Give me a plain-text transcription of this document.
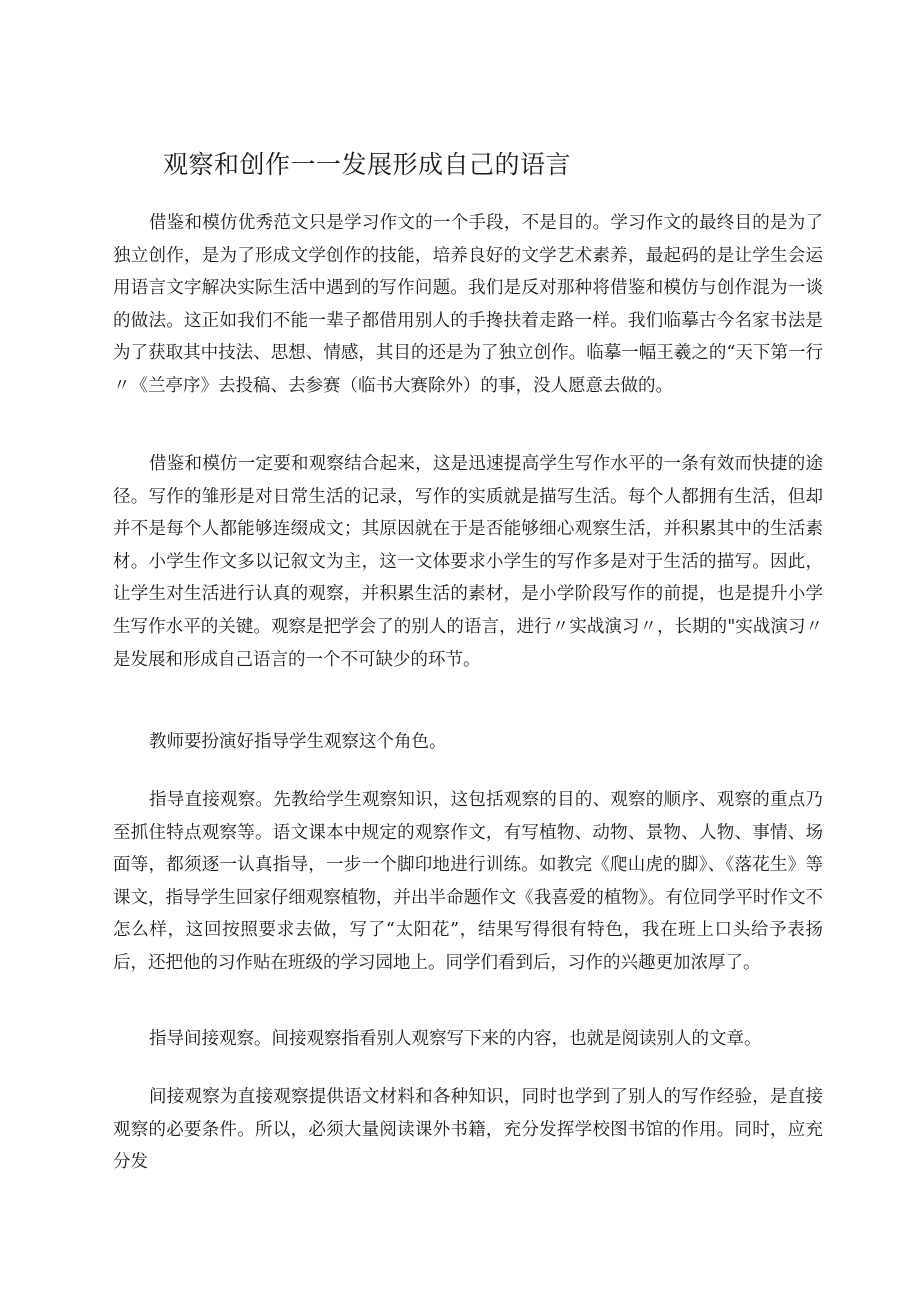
观察和创作一一发展形成自己的语言

借鉴和模仿优秀范文只是学习作文的一个手段，不是目的。学习作文的最终目的是为了独立创作，是为了形成文学创作的技能，培养良好的文学艺术素养，最起码的是让学生会运用语言文字解决实际生活中遇到的写作问题。我们是反对那种将借鉴和模仿与创作混为一谈的做法。这正如我们不能一辈子都借用别人的手搀扶着走路一样。我们临摹古今名家书法是为了获取其中技法、思想、情感，其目的还是为了独立创作。临摹一幅王羲之的“天下第一行〃《兰亭序》去投稿、去参赛（临书大赛除外）的事，没人愿意去做的。

借鉴和模仿一定要和观察结合起来，这是迅速提高学生写作水平的一条有效而快捷的途径。写作的雏形是对日常生活的记录，写作的实质就是描写生活。每个人都拥有生活，但却并不是每个人都能够连缀成文；其原因就在于是否能够细心观察生活，并积累其中的生活素材。小学生作文多以记叙文为主，这一文体要求小学生的写作多是对于生活的描写。因此，让学生对生活进行认真的观察，并积累生活的素材，是小学阶段写作的前提，也是提升小学生写作水平的关键。观察是把学会了的别人的语言，进行〃实战演习〃，长期的"实战演习〃是发展和形成自己语言的一个不可缺少的环节。

教师要扮演好指导学生观察这个角色。

指导直接观察。先教给学生观察知识，这包括观察的目的、观察的顺序、观察的重点乃至抓住特点观察等。语文课本中规定的观察作文，有写植物、动物、景物、人物、事情、场面等，都须逐一认真指导，一步一个脚印地进行训练。如教完《爬山虎的脚》、《落花生》等课文，指导学生回家仔细观察植物，并出半命题作文《我喜爱的植物》。有位同学平时作文不怎么样，这回按照要求去做，写了“太阳花”，结果写得很有特色，我在班上口头给予表扬后，还把他的习作贴在班级的学习园地上。同学们看到后，习作的兴趣更加浓厚了。

指导间接观察。间接观察指看别人观察写下来的内容，也就是阅读别人的文章。

间接观察为直接观察提供语文材料和各种知识，同时也学到了别人的写作经验，是直接观察的必要条件。所以，必须大量阅读课外书籍，充分发挥学校图书馆的作用。同时，应充分发
